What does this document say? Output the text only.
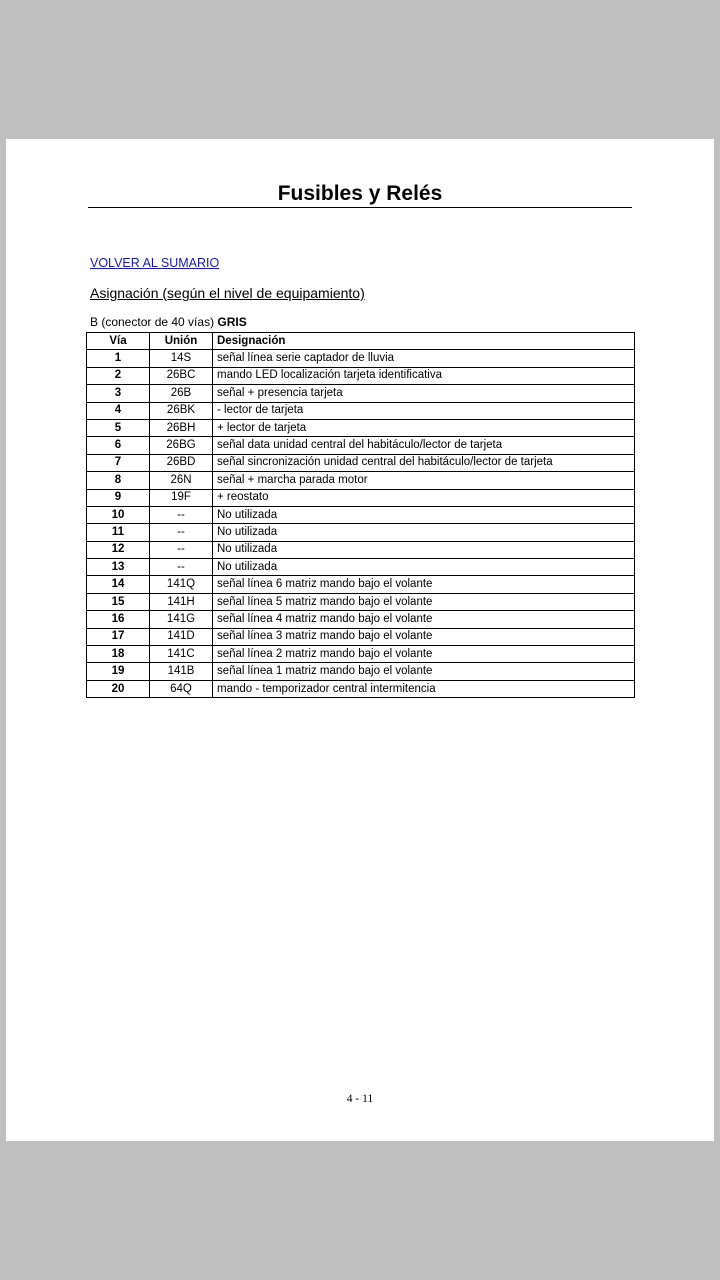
Fusibles y Relés
VOLVER AL SUMARIO
Asignación (según el nivel de equipamiento)
B (conector de 40 vías) GRIS
Vía	Unión	Designación
1	14S	señal línea serie captador de lluvia
2	26BC	mando LED localización tarjeta identificativa
3	26B	señal + presencia tarjeta
4	26BK	- lector de tarjeta
5	26BH	+ lector de tarjeta
6	26BG	señal data unidad central del habitáculo/lector de tarjeta
7	26BD	señal sincronización unidad central del habitáculo/lector de tarjeta
8	26N	señal + marcha parada motor
9	19F	+ reostato
10	--	No utilizada
11	--	No utilizada
12	--	No utilizada
13	--	No utilizada
14	141Q	señal línea 6 matriz mando bajo el volante
15	141H	señal línea 5 matriz mando bajo el volante
16	141G	señal línea 4 matriz mando bajo el volante
17	141D	señal línea 3 matriz mando bajo el volante
18	141C	señal línea 2 matriz mando bajo el volante
19	141B	señal línea 1 matriz mando bajo el volante
20	64Q	mando - temporizador central intermitencia
4 - 11
